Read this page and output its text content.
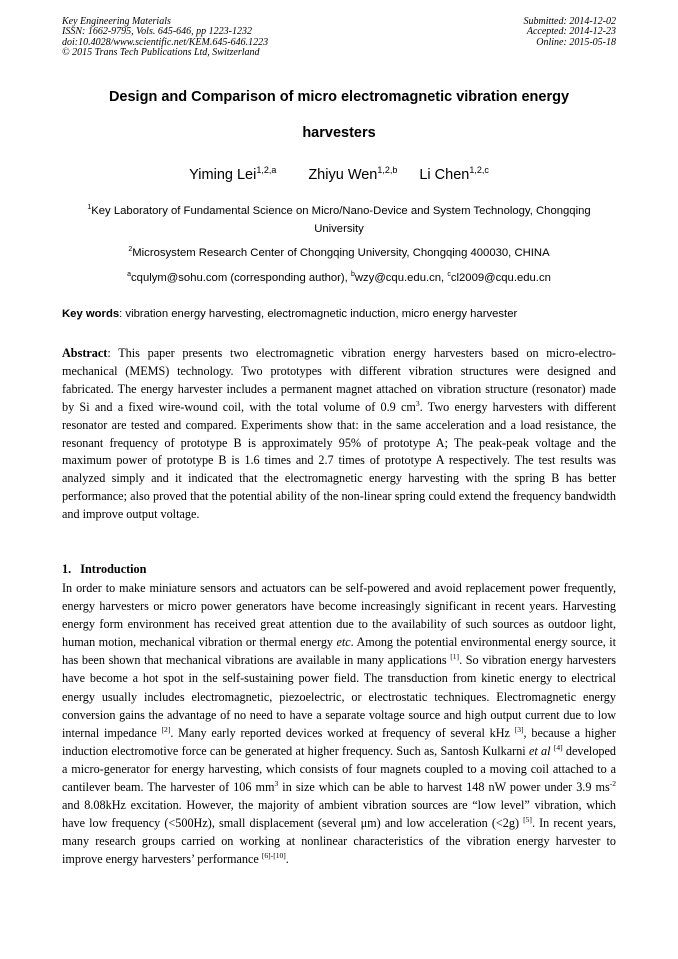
Key Engineering Materials
ISSN: 1662-9795, Vols. 645-646, pp 1223-1232
doi:10.4028/www.scientific.net/KEM.645-646.1223
© 2015 Trans Tech Publications Ltd, Switzerland
Submitted: 2014-12-02
Accepted: 2014-12-23
Online: 2015-05-18
Design and Comparison of micro electromagnetic vibration energy
harvesters
Yiming Lei$^{1,2,a}$ Zhiyu Wen$^{1,2,b}$ Li Chen$^{1,2,c}$
$^1$Key Laboratory of Fundamental Science on Micro/Nano-Device and System Technology, Chongqing University
$^2$Microsystem Research Center of Chongqing University, Chongqing 400030, CHINA
$^a$cqulym@sohu.com (corresponding author), $^b$wzy@cqu.edu.cn, $^c$cl2009@cqu.edu.cn
Key words: vibration energy harvesting, electromagnetic induction, micro energy harvester
Abstract: This paper presents two electromagnetic vibration energy harvesters based on micro-electro-mechanical (MEMS) technology. Two prototypes with different vibration structures were designed and fabricated. The energy harvester includes a permanent magnet attached on vibration structure (resonator) made by Si and a fixed wire-wound coil, with the total volume of 0.9 $cm^3$. Two energy harvesters with different resonator are tested and compared. Experiments show that: in the same acceleration and a load resistance, the resonant frequency of prototype B is approximately 95% of prototype A; The peak-peak voltage and the maximum power of prototype B is 1.6 times and 2.7 times of prototype A respectively. The test results was analyzed simply and it indicated that the electromagnetic energy harvesting with the spring B has better performance; also proved that the potential ability of the non-linear spring could extend the frequency bandwidth and improve output voltage.
1. Introduction
In order to make miniature sensors and actuators can be self-powered and avoid replacement power frequently, energy harvesters or micro power generators have become increasingly significant in recent years. Harvesting energy form environment has received great attention due to the availability of such sources as outdoor light, human motion, mechanical vibration or thermal energy etc. Among the potential environmental energy source, it has been shown that mechanical vibrations are available in many applications [1]. So vibration energy harvesters have become a hot spot in the self-sustaining power field. The transduction from kinetic energy to electrical energy usually includes electromagnetic, piezoelectric, or electrostatic techniques. Electromagnetic energy conversion gains the advantage of no need to have a separate voltage source and high output current due to low internal impedance [2]. Many early reported devices worked at frequency of several kHz [3], because a higher induction electromotive force can be generated at higher frequency. Such as, Santosh Kulkarni et al [4] developed a micro-generator for energy harvesting, which consists of four magnets coupled to a moving coil attached to a cantilever beam. The harvester of 106 $mm^3$ in size which can be able to harvest 148 nW power under 3.9 $ms^{-2}$ and 8.08kHz excitation. However, the majority of ambient vibration sources are “low level” vibration, which have low frequency (<500Hz), small displacement (several μm) and low acceleration (<2g) [5]. In recent years, many research groups carried on working at nonlinear characteristics of the vibration energy harvester to improve energy harvesters’ performance [6]-[10].
